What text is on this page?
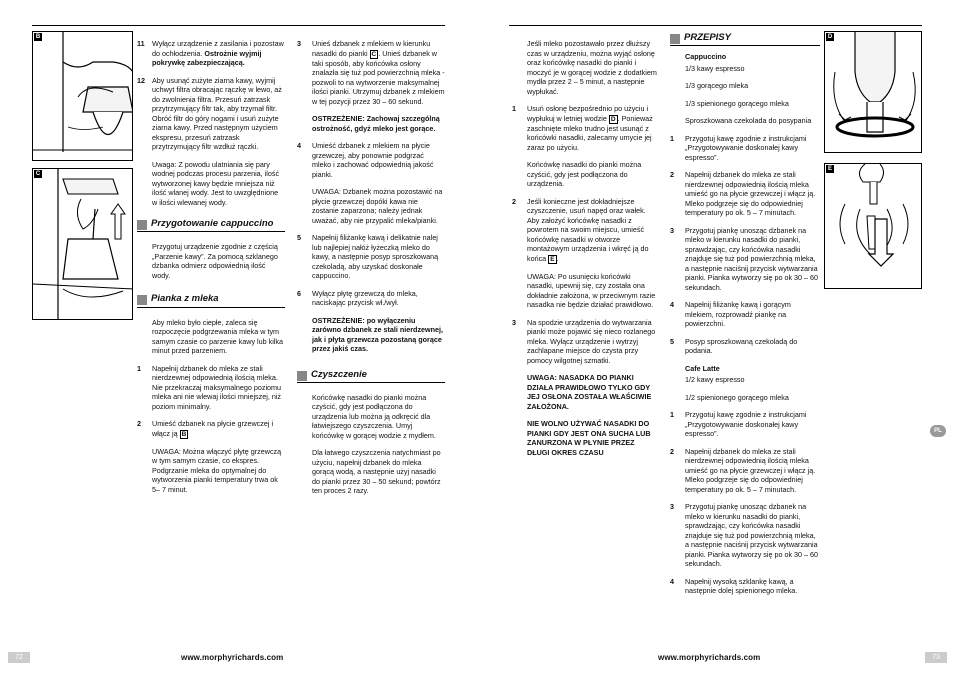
B
C
11 Wyłącz urządzenie z zasilania i pozostaw do ochłodzenia. Ostrożnie wyjmij pokrywkę zabezpieczającą.
12 Aby usunąć zużyte ziarna kawy, wyjmij uchwyt filtra obracając rączkę w lewo, aż do zwolnienia filtra. Przesuń zatrzask przytrzymujący filtr tak, aby trzymał filtr. Obróć filtr do góry nogami i usuń zużyte ziarna kawy. Przed następnym użyciem ekspresu, przesuń zatrzask przytrzymujący filtr wzdłuż rączki.

Uwaga: Z powodu ulatniania się pary wodnej podczas procesu parzenia, ilość wytworzonej kawy będzie mniejsza niż ilość wlanej wody. Jest to uwzględnione w ilości wlewanej wody.

Przygotowanie cappuccino

Przygotuj urządzenie zgodnie z częścią „Parzenie kawy”. Za pomocą szklanego dzbanka odmierz odpowiednią ilość wody.

Pianka z mleka

Aby mleko było ciepłe, zaleca się rozpoczęcie podgrzewania mleka w tym samym czasie co parzenie kawy lub kilka minut przed parzeniem.

1 Napełnij dzbanek do mleka ze stali nierdzewnej odpowiednią ilością mleka. Nie przekraczaj maksymalnego poziomu mleka ani nie wlewaj ilości mniejszej, niż poziom minimalny.
2 Umieść dzbanek na płycie grzewczej i włącz ją B

UWAGA: Można włączyć płytę grzewczą w tym samym czasie, co ekspres. Podgrzanie mleka do optymalnej do wytworzenia pianki temperatury trwa ok 5– 7 minut.

3 Unieś dzbanek z mlekiem w kierunku nasadki do pianki C . Unieś dzbanek w taki sposób, aby końcówka osłony znalazła się tuż pod powierzchnią mleka - pozwoli to na wytworzenie maksymalnej ilości pianki. Utrzymuj dzbanek z mlekiem w tej pozycji przez 30 – 60 sekund.

OSTRZEŻENIE: Zachowaj szczególną ostrożność, gdyż mleko jest gorące.

4 Umieść dzbanek z mlekiem na płycie grzewczej, aby ponownie podgrzać mleko i zachować odpowiednią jakość pianki.

UWAGA: Dzbanek można pozostawić na płycie grzewczej dopóki kawa nie zostanie zaparzona; należy jednak uważać, aby nie przypalić mleka/pianki.

5 Napełnij filiżankę kawą i delikatnie nalej lub najlepiej nałóż łyżeczką mleko do kawy, a następnie posyp sproszkowaną czekoladą, aby uzyskać doskonałe cappuccino.
6 Wyłącz płytę grzewczą do mleka, naciskając przycisk wł./wył.

OSTRZEŻENIE: po wyłączeniu zarówno dzbanek ze stali nierdzewnej, jak i płyta grzewcza pozostaną gorące przez jakiś czas.

Czyszczenie

Końcówkę nasadki do pianki można czyścić, gdy jest podłączona do urządzenia lub można ją odkręcić dla łatwiejszego czyszczenia. Umyj końcówkę w gorącej wodzie z mydłem.

Dla łatwego czyszczenia natychmiast po użyciu, napełnij dzbanek do mleka gorącą wodą, a następnie użyj nasadki do pianki przez 30 – 50 sekund; powtórz ten proces 2 razy.

Jeśli mleko pozostawało przez dłuższy czas w urządzeniu, można wyjąć osłonę oraz końcówkę nasadki do pianki i moczyć je w gorącej wodzie z dodatkiem mydła przez 2 – 5 minut, a następnie wypłukać.

1 Usuń osłonę bezpośrednio po użyciu i wypłukuj w letniej wodzie D . Ponieważ zaschnięte mleko trudno jest usunąć z końcówki nasadki, zalecamy umycie jej zaraz po użyciu.

Końcówkę nasadki do pianki można czyścić, gdy jest podłączona do urządzenia.

2 Jeśli konieczne jest dokładniejsze czyszczenie, usuń napęd oraz wałek. Aby założyć końcówkę nasadki z powrotem na swoim miejscu, umieść końcówkę nasadki w otworze montażowym urządzenia i wkręć ją do końca E .

UWAGA: Po usunięciu końcówki nasadki, upewnij się, czy została ona dokładnie założona, w przeciwnym razie nasadka nie będzie działać prawidłowo.

3 Na spodzie urządzenia do wytwarzania pianki może pojawić się nieco rozlanego mleka. Wyłącz urządzenie i wytrzyj zachlapane miejsce do czysta przy pomocy wilgotnej szmatki.

UWAGA: NASADKA DO PIANKI DZIAŁA PRAWIDŁOWO TYLKO GDY JEJ OSŁONA ZOSTAŁA WŁAŚCIWIE ZAŁOŻONA.

NIE WOLNO UŻYWAĆ NASADKI DO PIANKI GDY JEST ONA SUCHA LUB ZANURZONA W PŁYNIE PRZEZ DŁUGI OKRES CZASU

PRZEPISY
Cappuccino
1/3 kawy espresso
1/3 gorącego mleka
1/3 spienionego gorącego mleka
Sproszkowana czekolada do posypania
1 Przygotuj kawę zgodnie z instrukcjami „Przygotowywanie doskonałej kawy espresso”.
2 Napełnij dzbanek do mleka ze stali nierdzewnej odpowiednią ilością mleka umieść go na płycie grzewczej i włącz ją. Mleko podgrzeje się do odpowiedniej temperatury po ok. 5 – 7 minutach.
3 Przygotuj piankę unosząc dzbanek na mleko w kierunku nasadki do pianki, sprawdzając, czy końcówka nasadki znajduje się tuż pod powierzchnią mleka, a następnie naciśnij przycisk wytwarzania pianki. Pianka wytworzy się po ok 30 – 60 sekundach.
4 Napełnij filiżankę kawą i gorącym mlekiem, rozprowadź piankę na powierzchni.
5 Posyp sproszkowaną czekoladą do podania.
Cafe Latte
1/2 kawy espresso
1/2 spienionego gorącego mleka
1 Przygotuj kawę zgodnie z instrukcjami „Przygotowywanie doskonałej kawy espresso”.
2 Napełnij dzbanek do mleka ze stali nierdzewnej odpowiednią ilością mleka umieść go na płycie grzewczej i włącz ją. Mleko podgrzeje się do odpowiedniej temperatury po ok. 5 – 7 minutach.
3 Przygotuj piankę unosząc dzbanek na mleko w kierunku nasadki do pianki, sprawdzając, czy końcówka nasadki znajduje się tuż pod powierzchnią mleka, a następnie naciśnij przycisk wytwarzania pianki. Pianka wytworzy się po ok 30 – 60 sekundach.
4 Napełnij wysoką szklankę kawą, a następnie dolej spienionego mleka.
D
E
PL
72	www.morphyrichards.com	www.morphyrichards.com	73
